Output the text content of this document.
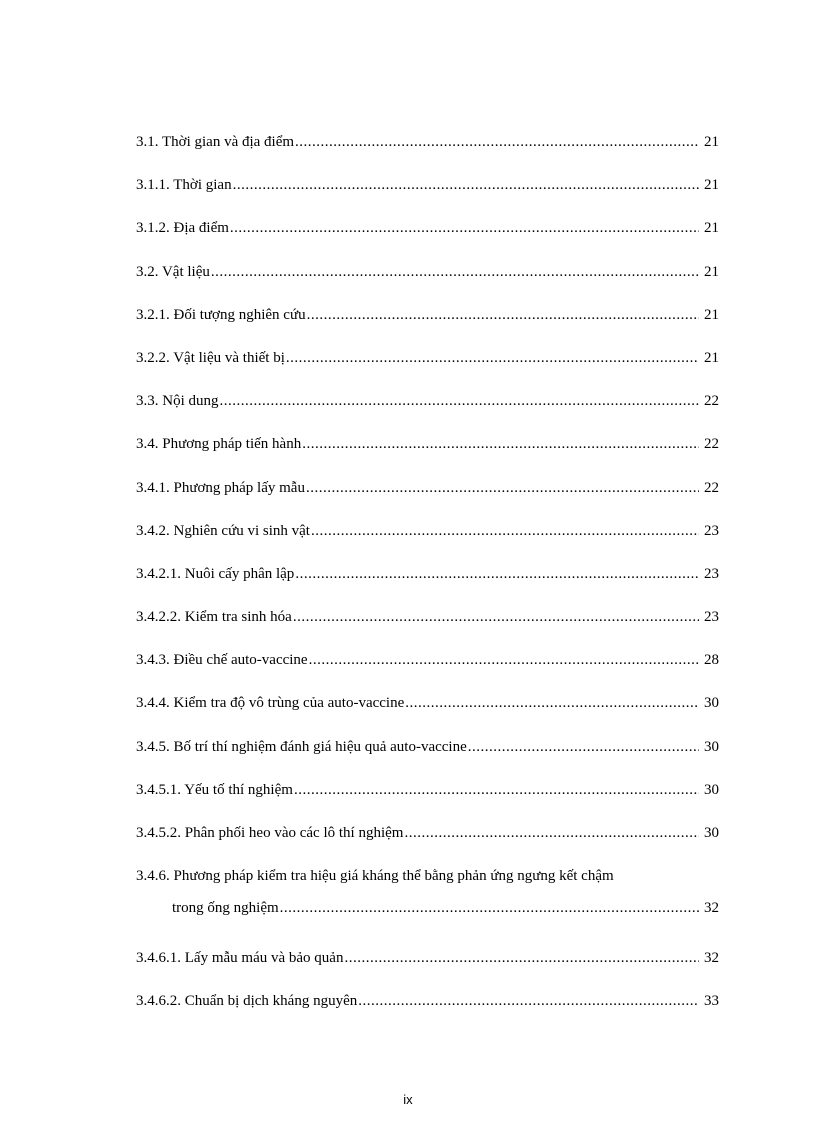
3.1. Thời gian và địa điểm .....	21
3.1.1. Thời gian .....	21
3.1.2. Địa điểm .....	21
3.2. Vật liệu .....	21
3.2.1. Đối tượng nghiên cứu .....	21
3.2.2. Vật liệu và thiết bị .....	21
3.3. Nội dung .....	22
3.4. Phương pháp tiến hành .....	22
3.4.1. Phương pháp lấy mẫu .....	22
3.4.2. Nghiên cứu vi sinh vật .....	23
3.4.2.1. Nuôi cấy phân lập .....	23
3.4.2.2. Kiểm tra sinh hóa .....	23
3.4.3. Điều chế auto-vaccine .....	28
3.4.4. Kiểm tra độ vô trùng của auto-vaccine .....	30
3.4.5. Bố trí thí nghiệm đánh giá hiệu quả auto-vaccine .....	30
3.4.5.1. Yếu tố thí nghiệm .....	30
3.4.5.2. Phân phối heo vào các lô thí nghiệm .....	30
3.4.6. Phương pháp kiểm tra hiệu giá kháng thể bằng phản ứng ngưng kết chậm
trong ống nghiệm .....	32
3.4.6.1. Lấy mẫu máu và bảo quản .....	32
3.4.6.2. Chuẩn bị dịch kháng nguyên .....	33
ix
